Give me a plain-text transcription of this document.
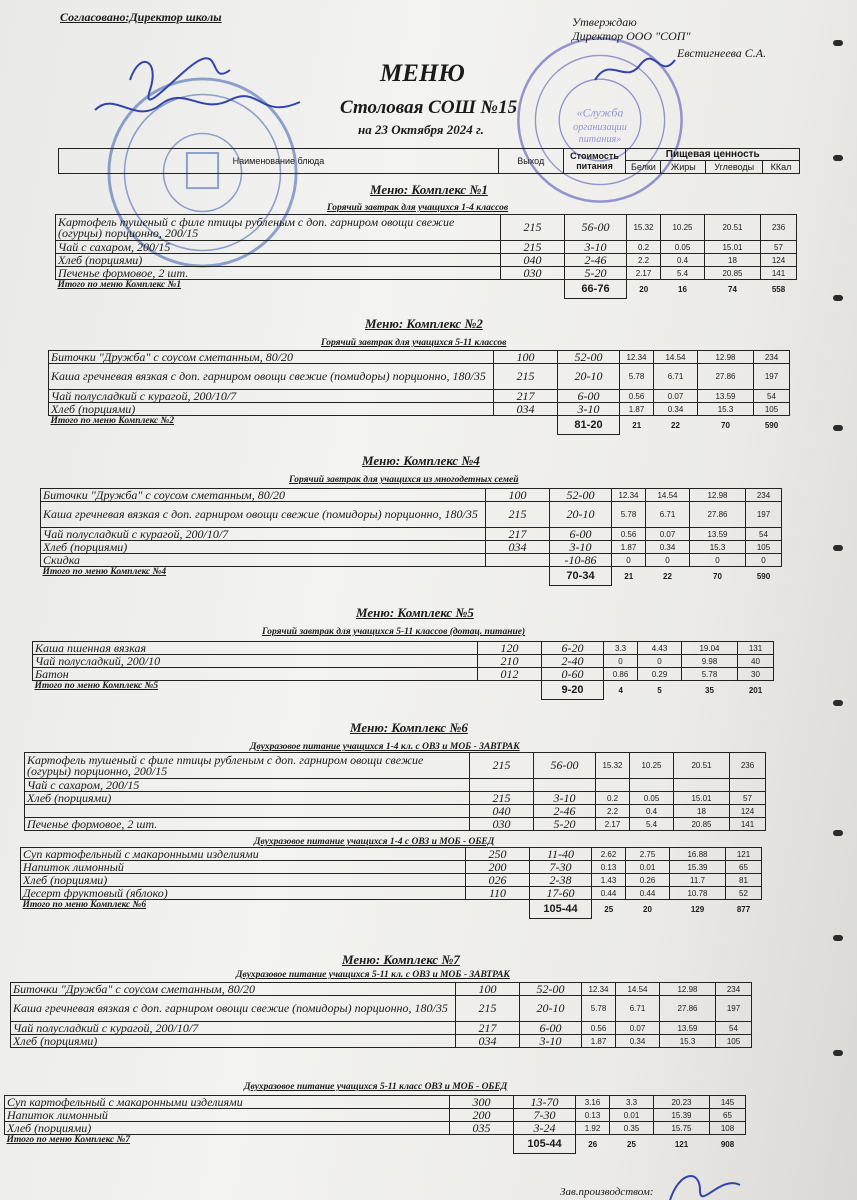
«Служба
организации
питания»
Согласовано:Директор школы	Утверждаю
Директор ООО "СОП"
Евстигнеева С.А.
МЕНЮ
Столовая СОШ №15
на 23 Октября 2024 г.
Наименование блюда	Выход	Стоимость питания	Пищевая ценность			
			Белки	Жиры	Углеводы	ККал
Меню: Комплекс №1
Горячий завтрак для учащихся 1-4 классов
Картофель тушеный с филе птицы рубленым с доп. гарниром овощи свежие (огурцы) порционно, 200/15	215	56-00	15.32	10.25	20.51	236
Чай с сахаром, 200/15	215	3-10	0.2	0.05	15.01	57
Хлеб (порциями)	040	2-46	2.2	0.4	18	124
Печенье формовое, 2 шт.	030	5-20	2.17	5.4	20.85	141
Итого по меню Комплекс №1		66-76	20	16	74	558
Меню: Комплекс №2
Горячий завтрак для учащихся 5-11 классов
Биточки "Дружба" с соусом сметанным, 80/20	100	52-00	12.34	14.54	12.98	234
Каша гречневая вязкая с доп. гарниром овощи свежие (помидоры) порционно, 180/35	215	20-10	5.78	6.71	27.86	197
Чай полусладкий с курагой, 200/10/7	217	6-00	0.56	0.07	13.59	54
Хлеб (порциями)	034	3-10	1.87	0.34	15.3	105
Итого по меню Комплекс №2		81-20	21	22	70	590
Меню: Комплекс №4
Горячий завтрак для учащихся из многодетных семей
Биточки "Дружба" с соусом сметанным, 80/20	100	52-00	12.34	14.54	12.98	234
Каша гречневая вязкая с доп. гарниром овощи свежие (помидоры) порционно, 180/35	215	20-10	5.78	6.71	27.86	197
Чай полусладкий с курагой, 200/10/7	217	6-00	0.56	0.07	13.59	54
Хлеб (порциями)	034	3-10	1.87	0.34	15.3	105
Скидка		-10-86	0	0	0	0
Итого по меню Комплекс №4		70-34	21	22	70	590
Меню: Комплекс №5
Горячий завтрак для учащихся 5-11 классов (дотац. питание)
Каша пшенная вязкая	120	6-20	3.3	4.43	19.04	131
Чай полусладкий, 200/10	210	2-40	0	0	9.98	40
Батон	012	0-60	0.86	0.29	5.78	30
Итого по меню Комплекс №5		9-20	4	5	35	201
Меню: Комплекс №6
Двухразовое питание учащихся 1-4 кл. с ОВЗ и МОБ - ЗАВТРАК
Картофель тушеный с филе птицы рубленым с доп. гарниром овощи свежие (огурцы) порционно, 200/15	215	56-00	15.32	10.25	20.51	236
Чай с сахаром, 200/15						
Хлеб (порциями)	215	3-10	0.2	0.05	15.01	57
	040	2-46	2.2	0.4	18	124
Печенье формовое, 2 шт.	030	5-20	2.17	5.4	20.85	141
Двухразовое питание учащихся 1-4 с ОВЗ и МОБ - ОБЕД
Суп картофельный с макаронными изделиями	250	11-40	2.62	2.75	16.88	121
Напиток лимонный	200	7-30	0.13	0.01	15.39	65
Хлеб (порциями)	026	2-38	1.43	0.26	11.7	81
Десерт фруктовый (яблоко)	110	17-60	0.44	0.44	10.78	52
Итого по меню Комплекс №6		105-44	25	20	129	877
Меню: Комплекс №7
Двухразовое питание учащихся 5-11 кл. с ОВЗ и МОБ - ЗАВТРАК
Биточки "Дружба" с соусом сметанным, 80/20	100	52-00	12.34	14.54	12.98	234
Каша гречневая вязкая с доп. гарниром овощи свежие (помидоры) порционно, 180/35	215	20-10	5.78	6.71	27.86	197
Чай полусладкий с курагой, 200/10/7	217	6-00	0.56	0.07	13.59	54
Хлеб (порциями)	034	3-10	1.87	0.34	15.3	105
Двухразовое питание учащихся 5-11 класс ОВЗ и МОБ - ОБЕД
Суп картофельный с макаронными изделиями	300	13-70	3.16	3.3	20.23	145
Напиток лимонный	200	7-30	0.13	0.01	15.39	65
Хлеб (порциями)	035	3-24	1.92	0.35	15.75	108
Итого по меню Комплекс №7		105-44	26	25	121	908
Зав.производством:
